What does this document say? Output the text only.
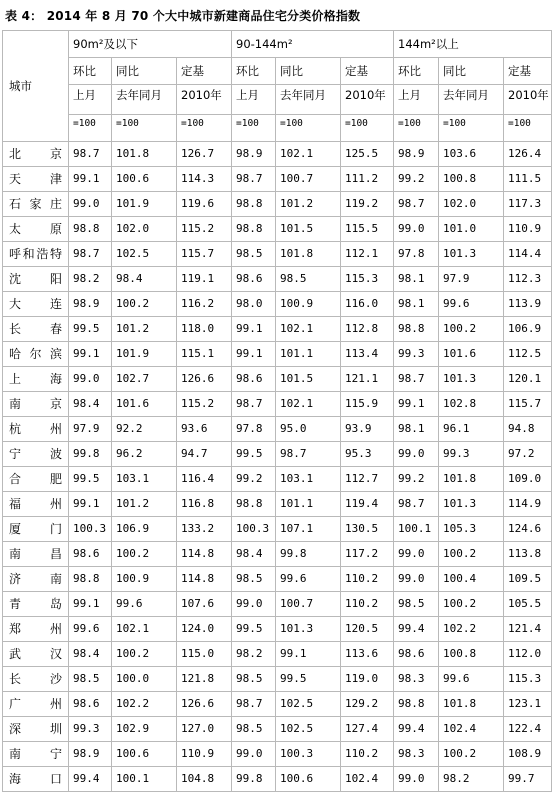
表 4： 2014 年 8 月 70 个大中城市新建商品住宅分类价格指数
城市	90m²及以下			90-144m²			144m²以上		
	环比	同比	定基	环比	同比	定基	环比	同比	定基
	上月	去年同月	2010年	上月	去年同月	2010年	上月	去年同月	2010年
	=100	=100	=100	=100	=100	=100	=100	=100	=100

北京	98.7	101.8	126.7	98.9	102.1	125.5	98.9	103.6	126.4

天津	99.1	100.6	114.3	98.7	100.7	111.2	99.2	100.8	111.5

石家庄	99.0	101.9	119.6	98.8	101.2	119.2	98.7	102.0	117.3

太原	98.8	102.0	115.2	98.8	101.5	115.5	99.0	101.0	110.9

呼和浩特	98.7	102.5	115.7	98.5	101.8	112.1	97.8	101.3	114.4

沈阳	98.2	98.4	119.1	98.6	98.5	115.3	98.1	97.9	112.3

大连	98.9	100.2	116.2	98.0	100.9	116.0	98.1	99.6	113.9

长春	99.5	101.2	118.0	99.1	102.1	112.8	98.8	100.2	106.9

哈尔滨	99.1	101.9	115.1	99.1	101.1	113.4	99.3	101.6	112.5

上海	99.0	102.7	126.6	98.6	101.5	121.1	98.7	101.3	120.1

南京	98.4	101.6	115.2	98.7	102.1	115.9	99.1	102.8	115.7

杭州	97.9	92.2	93.6	97.8	95.0	93.9	98.1	96.1	94.8

宁波	99.8	96.2	94.7	99.5	98.7	95.3	99.0	99.3	97.2

合肥	99.5	103.1	116.4	99.2	103.1	112.7	99.2	101.8	109.0

福州	99.1	101.2	116.8	98.8	101.1	119.4	98.7	101.3	114.9

厦门	100.3	106.9	133.2	100.3	107.1	130.5	100.1	105.3	124.6

南昌	98.6	100.2	114.8	98.4	99.8	117.2	99.0	100.2	113.8

济南	98.8	100.9	114.8	98.5	99.6	110.2	99.0	100.4	109.5

青岛	99.1	99.6	107.6	99.0	100.7	110.2	98.5	100.2	105.5

郑州	99.6	102.1	124.0	99.5	101.3	120.5	99.4	102.2	121.4

武汉	98.4	100.2	115.0	98.2	99.1	113.6	98.6	100.8	112.0

长沙	98.5	100.0	121.8	98.5	99.5	119.0	98.3	99.6	115.3

广州	98.6	102.2	126.6	98.7	102.5	129.2	98.8	101.8	123.1

深圳	99.3	102.9	127.0	98.5	102.5	127.4	99.4	102.4	122.4

南宁	98.9	100.6	110.9	99.0	100.3	110.2	98.3	100.2	108.9

海口	99.4	100.1	104.8	99.8	100.6	102.4	99.0	98.2	99.7
